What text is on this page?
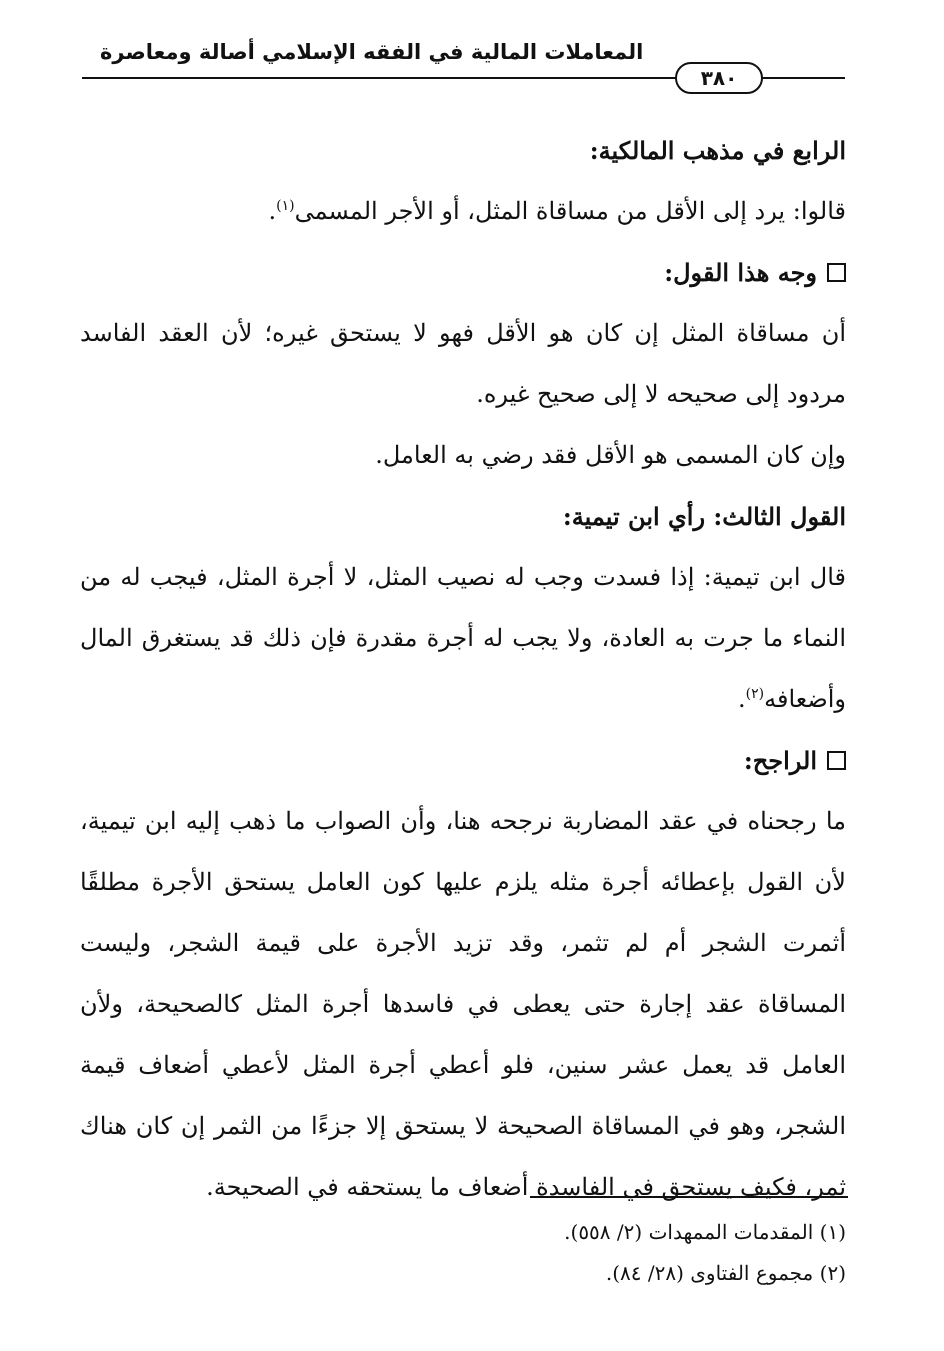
المعاملات المالية في الفقه الإسلامي أصالة ومعاصرة
٣٨٠

الرابع في مذهب المالكية:

قالوا: يرد إلى الأقل من مساقاة المثل، أو الأجر المسمى$^{(١)}$.

وجه هذا القول:

أن مساقاة المثل إن كان هو الأقل فهو لا يستحق غيره؛ لأن العقد الفاسد مردود إلى صحيحه لا إلى صحيح غيره.

وإن كان المسمى هو الأقل فقد رضي به العامل.

القول الثالث: رأي ابن تيمية:

قال ابن تيمية: إذا فسدت وجب له نصيب المثل، لا أجرة المثل، فيجب له من النماء ما جرت به العادة، ولا يجب له أجرة مقدرة فإن ذلك قد يستغرق المال وأضعافه$^{(٢)}$.

الراجح:

ما رجحناه في عقد المضاربة نرجحه هنا، وأن الصواب ما ذهب إليه ابن تيمية، لأن القول بإعطائه أجرة مثله يلزم عليها كون العامل يستحق الأجرة مطلقًا أثمرت الشجر أم لم تثمر، وقد تزيد الأجرة على قيمة الشجر، وليست المساقاة عقد إجارة حتى يعطى في فاسدها أجرة المثل كالصحيحة، ولأن العامل قد يعمل عشر سنين، فلو أعطي أجرة المثل لأعطي أضعاف قيمة الشجر، وهو في المساقاة الصحيحة لا يستحق إلا جزءًا من الثمر إن كان هناك ثمر، فكيف يستحق في الفاسدة أضعاف ما يستحقه في الصحيحة.

(١) المقدمات الممهدات (٢/ ٥٥٨).

(٢) مجموع الفتاوى (٢٨/ ٨٤).
